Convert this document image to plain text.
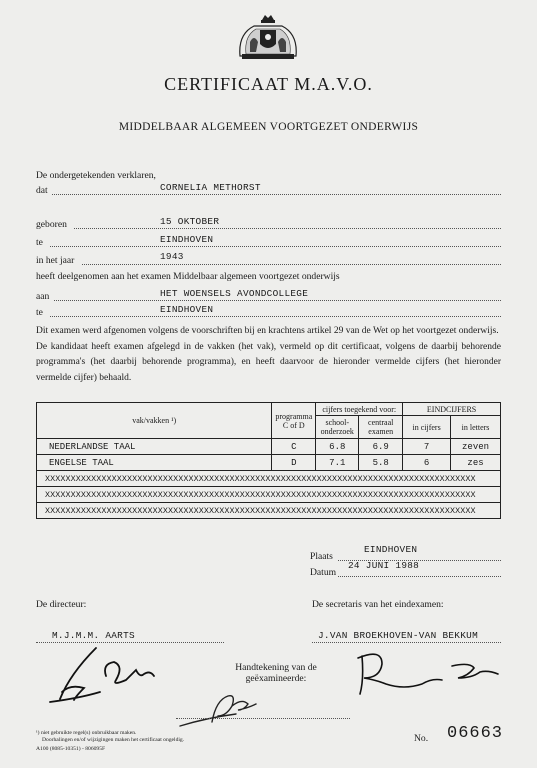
CERTIFICAAT M.A.V.O.
MIDDELBAAR ALGEMEEN VOORTGEZET ONDERWIJS
De ondergetekenden verklaren,
dat	CORNELIA METHORST
geboren	15 OKTOBER
te	EINDHOVEN
in het jaar	1943
heeft deelgenomen aan het examen Middelbaar algemeen voortgezet onderwijs
aan	HET WOENSELS AVONDCOLLEGE
te	EINDHOVEN

Dit examen werd afgenomen volgens de voorschriften bij en krachtens artikel 29 van de Wet op het voortgezet onderwijs.

De kandidaat heeft examen afgelegd in de vakken (het vak), vermeld op dit certificaat, volgens de daarbij behorende programma's (het daarbij behorende programma), en heeft daarvoor de hieronder vermelde cijfers (het hieronder vermelde cijfer) behaald.

vak/vakken ¹)	programma C of D	cijfers toegekend voor:		EINDCIJFERS	
		school- onderzoek	centraal examen	in cijfers	in letters
NEDERLANDSE TAAL	C	6.8	6.9	7	zeven
ENGELSE TAAL	D	7.1	5.8	6	zes
XXXXXXXXXXXXXXXXXXXXXXXXXXXXXXXXXXXXXXXXXXXXXXXXXXXXXXXXXXXXXXXXXXXXXXXXXXXXXXXXXXXX					
XXXXXXXXXXXXXXXXXXXXXXXXXXXXXXXXXXXXXXXXXXXXXXXXXXXXXXXXXXXXXXXXXXXXXXXXXXXXXXXXXXXX					
XXXXXXXXXXXXXXXXXXXXXXXXXXXXXXXXXXXXXXXXXXXXXXXXXXXXXXXXXXXXXXXXXXXXXXXXXXXXXXXXXXXX					
Plaats
EINDHOVEN
Datum
24 JUNI 1988
De directeur:	De secretaris van het eindexamen:
M.J.M.M. AARTS	J.VAN BROEKHOVEN-VAN BEKKUM
Handtekening van de geëxamineerde:
¹) niet gebruikte regel(s) onbruikbaar maken.
Doorhalingen en/of wijzigingen maken het certificaat ongeldig.
A100 (8085-10351) - 806095F
No. 06663
